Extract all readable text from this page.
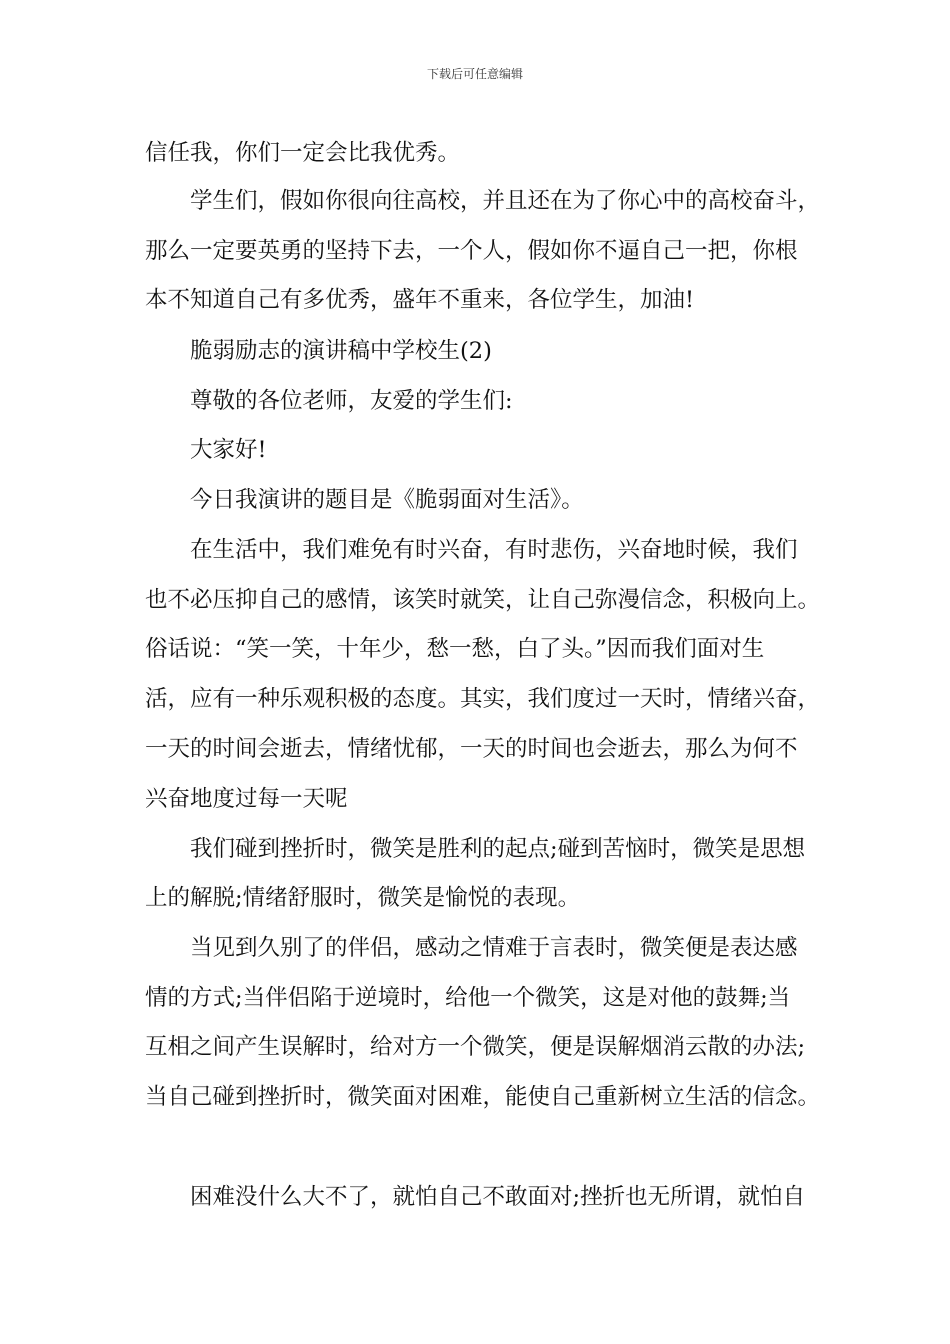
下载后可任意编辑
信任我，你们一定会比我优秀。
学生们，假如你很向往高校，并且还在为了你心中的高校奋斗，
那么一定要英勇的坚持下去，一个人，假如你不逼自己一把，你根
本不知道自己有多优秀，盛年不重来，各位学生，加油!
脆弱励志的演讲稿中学校生(2)
尊敬的各位老师，友爱的学生们:
大家好!
今日我演讲的题目是《脆弱面对生活》。
在生活中，我们难免有时兴奋，有时悲伤，兴奋地时候，我们
也不必压抑自己的感情，该笑时就笑，让自己弥漫信念，积极向上。
俗话说：“笑一笑，十年少，愁一愁，白了头。”因而我们面对生
活，应有一种乐观积极的态度。其实，我们度过一天时，情绪兴奋，
一天的时间会逝去，情绪忧郁，一天的时间也会逝去，那么为何不
兴奋地度过每一天呢
我们碰到挫折时，微笑是胜利的起点;碰到苦恼时，微笑是思想
上的解脱;情绪舒服时，微笑是愉悦的表现。
当见到久别了的伴侣，感动之情难于言表时，微笑便是表达感
情的方式;当伴侣陷于逆境时，给他一个微笑，这是对他的鼓舞;当
互相之间产生误解时，给对方一个微笑，便是误解烟消云散的办法;
当自己碰到挫折时，微笑面对困难，能使自己重新树立生活的信念。
困难没什么大不了，就怕自己不敢面对;挫折也无所谓，就怕自
